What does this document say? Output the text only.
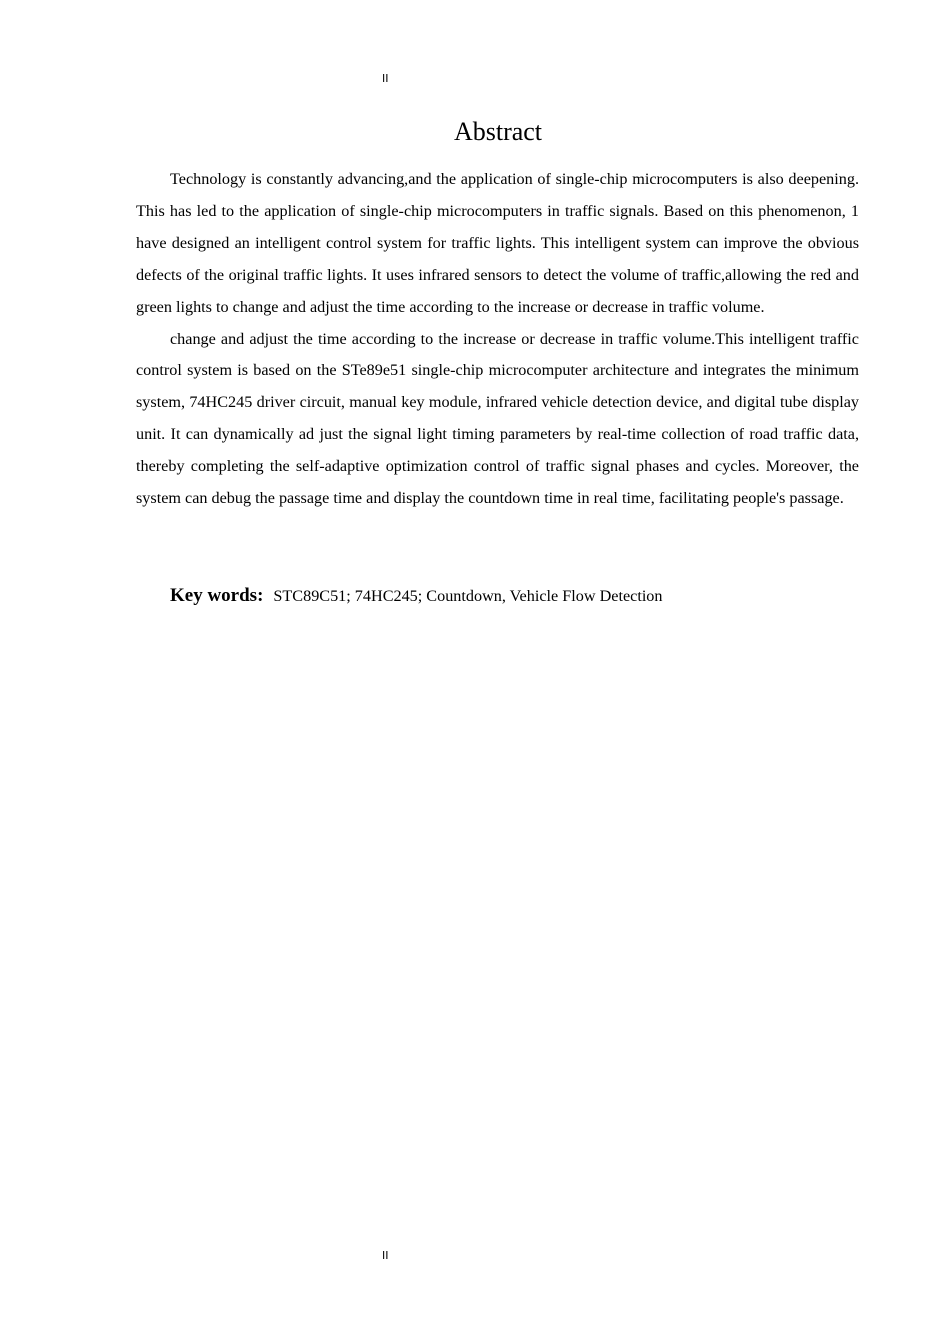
II
Abstract

Technology is constantly advancing,and the application of single-chip microcomputers is also deepening. This has led to the application of single-chip microcomputers in traffic signals. Based on this phenomenon, 1 have designed an intelligent control system for traffic lights. This intelligent system can improve the obvious defects of the original traffic lights. It uses infrared sensors to detect the volume of traffic,allowing the red and green lights to change and adjust the time according to the increase or decrease in traffic volume.

change and adjust the time according to the increase or decrease in traffic volume.This intelligent traffic control system is based on the STe89e51 single-chip microcomputer architecture and integrates the minimum system, 74HC245 driver circuit, manual key module, infrared vehicle detection device, and digital tube display unit. It can dynamically ad just the signal light timing parameters by real-time collection of road traffic data, thereby completing the self-adaptive optimization control of traffic signal phases and cycles. Moreover, the system can debug the passage time and display the countdown time in real time, facilitating people's passage.

Key words: STC89C51; 74HC245; Countdown, Vehicle Flow Detection
II
